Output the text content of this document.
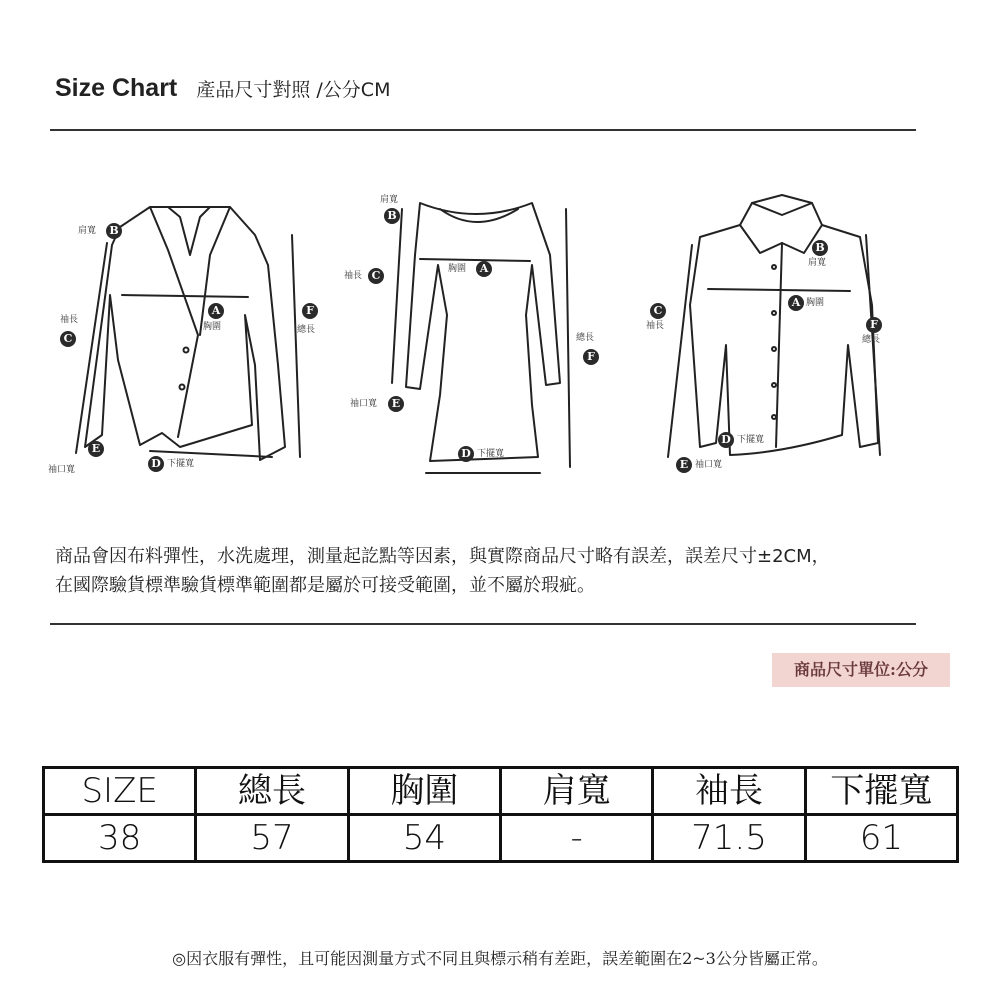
Size Chart 產品尺寸對照 /公分CM
肩寬	B
袖長
C
A
胸圍
F
總長
E
袖口寬	D 下擺寬
肩寬
B
袖長 C	胸圍	A
總長
F
袖口寬	E
D 下擺寬
B
肩寬
C
袖長
A 胸圍
F
總長
D 下擺寬
E 袖口寬
商品會因布料彈性，水洗處理，測量起訖點等因素，與實際商品尺寸略有誤差，誤差尺寸±2CM，
在國際驗貨標準驗貨標準範圍都是屬於可接受範圍，並不屬於瑕疵。
商品尺寸單位:公分
SIZE	總長	胸圍	肩寬	袖長	下擺寬
38	57	54	-	71.5	61
◎因衣服有彈性，且可能因測量方式不同且與標示稍有差距，誤差範圍在2~3公分皆屬正常。
